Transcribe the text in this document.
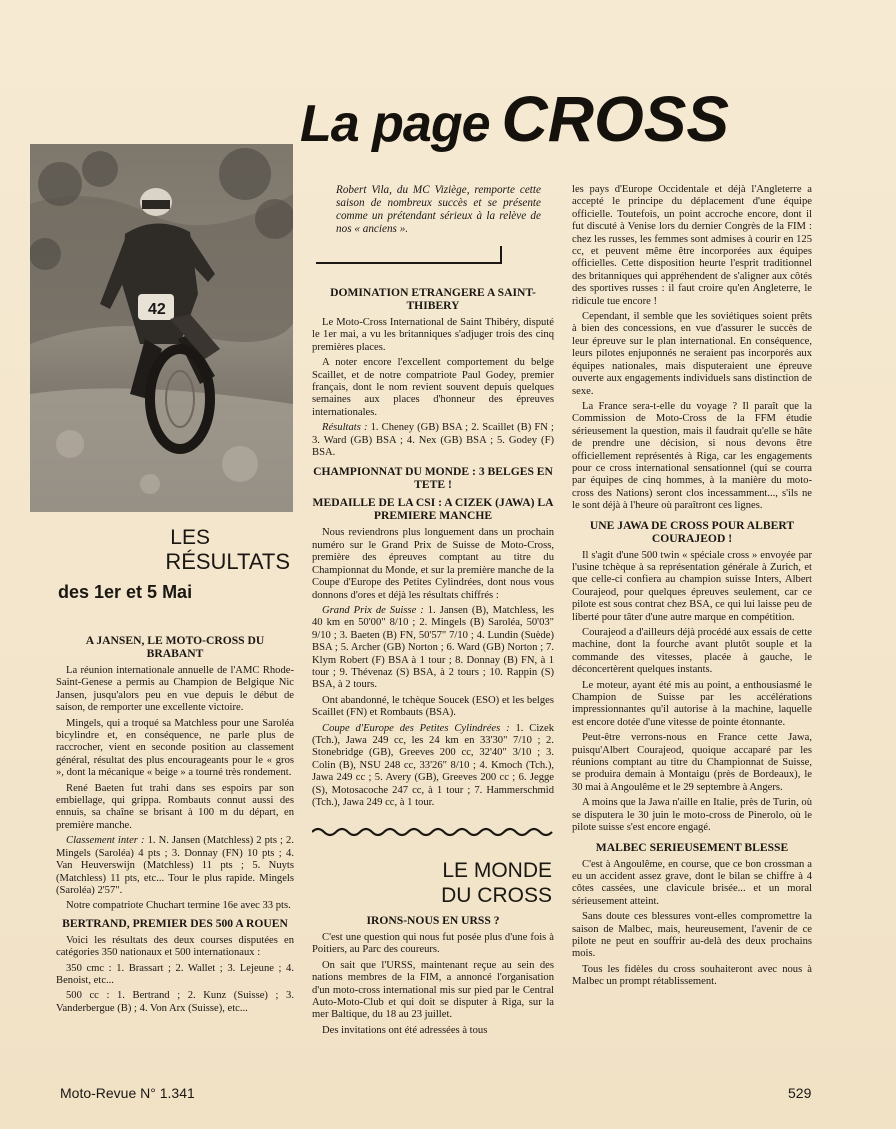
La page CROSS
42

Robert Vila, du MC Viziège, remporte cette saison de nombreux succès et se présente comme un prétendant sérieux à la relève de nos « anciens ».

LES
RÉSULTATS
des 1er et 5 Mai
A JANSEN, LE MOTO-CROSS DU BRABANT

La réunion internationale annuelle de l'AMC Rhode-Saint-Genese a permis au Champion de Belgique Nic Jansen, jusqu'alors peu en vue depuis le début de saison, de remporter une excellente victoire.

Mingels, qui a troqué sa Matchless pour une Saroléa bicylindre et, en conséquence, ne parle plus de raccrocher, vient en seconde position au classement général, résultat des plus encourageants pour le « gros », dont la mécanique « beige » a tourné très rondement.

René Baeten fut trahi dans ses espoirs par son embiellage, qui grippa. Rombauts connut aussi des ennuis, sa chaîne se brisant à 100 m du départ, en première manche.

Classement inter : 1. N. Jansen (Matchless) 2 pts ; 2. Mingels (Saroléa) 4 pts ; 3. Donnay (FN) 10 pts ; 4. Van Heuverswijn (Matchless) 11 pts ; 5. Nuyts (Matchless) 11 pts, etc... Tour le plus rapide. Mingels (Saroléa) 2'57".

Notre compatriote Chuchart termine 16e avec 33 pts.

BERTRAND, PREMIER DES 500 A ROUEN

Voici les résultats des deux courses disputées en catégories 350 nationaux et 500 internationaux :

350 cmc : 1. Brassart ; 2. Wallet ; 3. Lejeune ; 4. Benoist, etc...

500 cc : 1. Bertrand ; 2. Kunz (Suisse) ; 3. Vanderbergue (B) ; 4. Von Arx (Suisse), etc...

DOMINATION ETRANGERE A SAINT-THIBERY

Le Moto-Cross International de Saint Thibéry, disputé le 1er mai, a vu les britanniques s'adjuger trois des cinq premières places.

A noter encore l'excellent comportement du belge Scaillet, et de notre compatriote Paul Godey, premier français, dont le nom revient souvent depuis quelques semaines aux places d'honneur des épreuves internationales.

Résultats : 1. Cheney (GB) BSA ; 2. Scaillet (B) FN ; 3. Ward (GB) BSA ; 4. Nex (GB) BSA ; 5. Godey (F) BSA.

CHAMPIONNAT DU MONDE : 3 BELGES EN TETE !
MEDAILLE DE LA CSI : A CIZEK (JAWA) LA PREMIERE MANCHE

Nous reviendrons plus longuement dans un prochain numéro sur le Grand Prix de Suisse de Moto-Cross, première des épreuves comptant au titre du Championnat du Monde, et sur la première manche de la Coupe d'Europe des Petites Cylindrées, dont nous vous donnons d'ores et déjà les résultats chiffrés :

Grand Prix de Suisse : 1. Jansen (B), Matchless, les 40 km en 50'00" 8/10 ; 2. Mingels (B) Saroléa, 50'03" 9/10 ; 3. Baeten (B) FN, 50'57" 7/10 ; 4. Lundin (Suède) BSA ; 5. Archer (GB) Norton ; 6. Ward (GB) Norton ; 7. Klym Robert (F) BSA à 1 tour ; 8. Donnay (B) FN, à 1 tour ; 9. Thévenaz (S) BSA, à 2 tours ; 10. Rappin (S) BSA, à 2 tours.

Ont abandonné, le tchèque Soucek (ESO) et les belges Scaillet (FN) et Rombauts (BSA).

Coupe d'Europe des Petites Cylindrées : 1. Cizek (Tch.), Jawa 249 cc, les 24 km en 33'30" 7/10 ; 2. Stonebridge (GB), Greeves 200 cc, 32'40" 3/10 ; 3. Colin (B), NSU 248 cc, 33'26" 8/10 ; 4. Kmoch (Tch.), Jawa 249 cc ; 5. Avery (GB), Greeves 200 cc ; 6. Jegge (S), Motosacoche 247 cc, à 1 tour ; 7. Hammerschmid (Tch.), Jawa 249 cc, à 1 tour.

LE MONDE
DU CROSS
IRONS-NOUS EN URSS ?

C'est une question qui nous fut posée plus d'une fois à Poitiers, au Parc des coureurs.

On sait que l'URSS, maintenant reçue au sein des nations membres de la FIM, a annoncé l'organisation d'un moto-cross international mis sur pied par le Central Auto-Moto-Club et qui doit se disputer à Riga, sur la mer Baltique, du 18 au 23 juillet.

Des invitations ont été adressées à tous

les pays d'Europe Occidentale et déjà l'Angleterre a accepté le principe du déplacement d'une équipe officielle. Toutefois, un point accroche encore, dont il fut discuté à Venise lors du dernier Congrès de la FIM : chez les russes, les femmes sont admises à courir en 125 cc, et peuvent même être incorporées aux équipes officielles. Cette disposition heurte l'esprit traditionnel des britanniques qui appréhendent de s'aligner aux côtés des sportives russes : il faut croire qu'en Angleterre, le ridicule tue encore !

Cependant, il semble que les soviétiques soient prêts à bien des concessions, en vue d'assurer le succès de leur épreuve sur le plan international. En conséquence, leurs pilotes enjuponnés ne seraient pas incorporés aux équipes nationales, mais disputeraient une épreuve ouverte aux engagements individuels sans distinction de sexe.

La France sera-t-elle du voyage ? Il paraît que la Commission de Moto-Cross de la FFM étudie sérieusement la question, mais il faudrait qu'elle se hâte de prendre une décision, si nous devons être officiellement représentés à Riga, car les engagements pour ce cross international sensationnel (qui se courra par équipes de cinq hommes, à la manière du moto-cross des Nations) seront clos incessamment..., s'ils ne le sont déjà à l'heure où paraîtront ces lignes.

UNE JAWA DE CROSS POUR ALBERT COURAJEOD !

Il s'agit d'une 500 twin « spéciale cross » envoyée par l'usine tchèque à sa représentation générale à Zurich, et que celle-ci confiera au champion suisse Inters, Albert Courajeod, pour quelques épreuves seulement, car ce pilote est sous contrat chez BSA, ce qui lui laisse peu de liberté pour tâter d'une autre marque en compétition.

Courajeod a d'ailleurs déjà procédé aux essais de cette machine, dont la fourche avant plutôt souple et la commande des vitesses, placée à gauche, le déconcertèrent quelques instants.

Le moteur, ayant été mis au point, a enthousiasmé le Champion de Suisse par les accélérations impressionnantes qu'il autorise à la machine, laquelle est encore dotée d'une vitesse de pointe étonnante.

Peut-être verrons-nous en France cette Jawa, puisqu'Albert Courajeod, quoique accaparé par les réunions comptant au titre du Championnat de Suisse, se produira demain à Montaigu (près de Bordeaux), le 30 mai à Angoulême et le 29 septembre à Angers.

A moins que la Jawa n'aille en Italie, près de Turin, où se disputera le 30 juin le moto-cross de Pinerolo, où le pilote suisse s'est encore engagé.

MALBEC SERIEUSEMENT BLESSE

C'est à Angoulême, en course, que ce bon crossman a eu un accident assez grave, dont le bilan se chiffre à 4 côtes cassées, une clavicule brisée... et un moral sérieusement atteint.

Sans doute ces blessures vont-elles compromettre la saison de Malbec, mais, heureusement, l'avenir de ce pilote ne peut en souffrir au-delà des deux prochains mois.

Tous les fidèles du cross souhaiteront avec nous à Malbec un prompt rétablissement.

Moto-Revue N° 1.341	529
